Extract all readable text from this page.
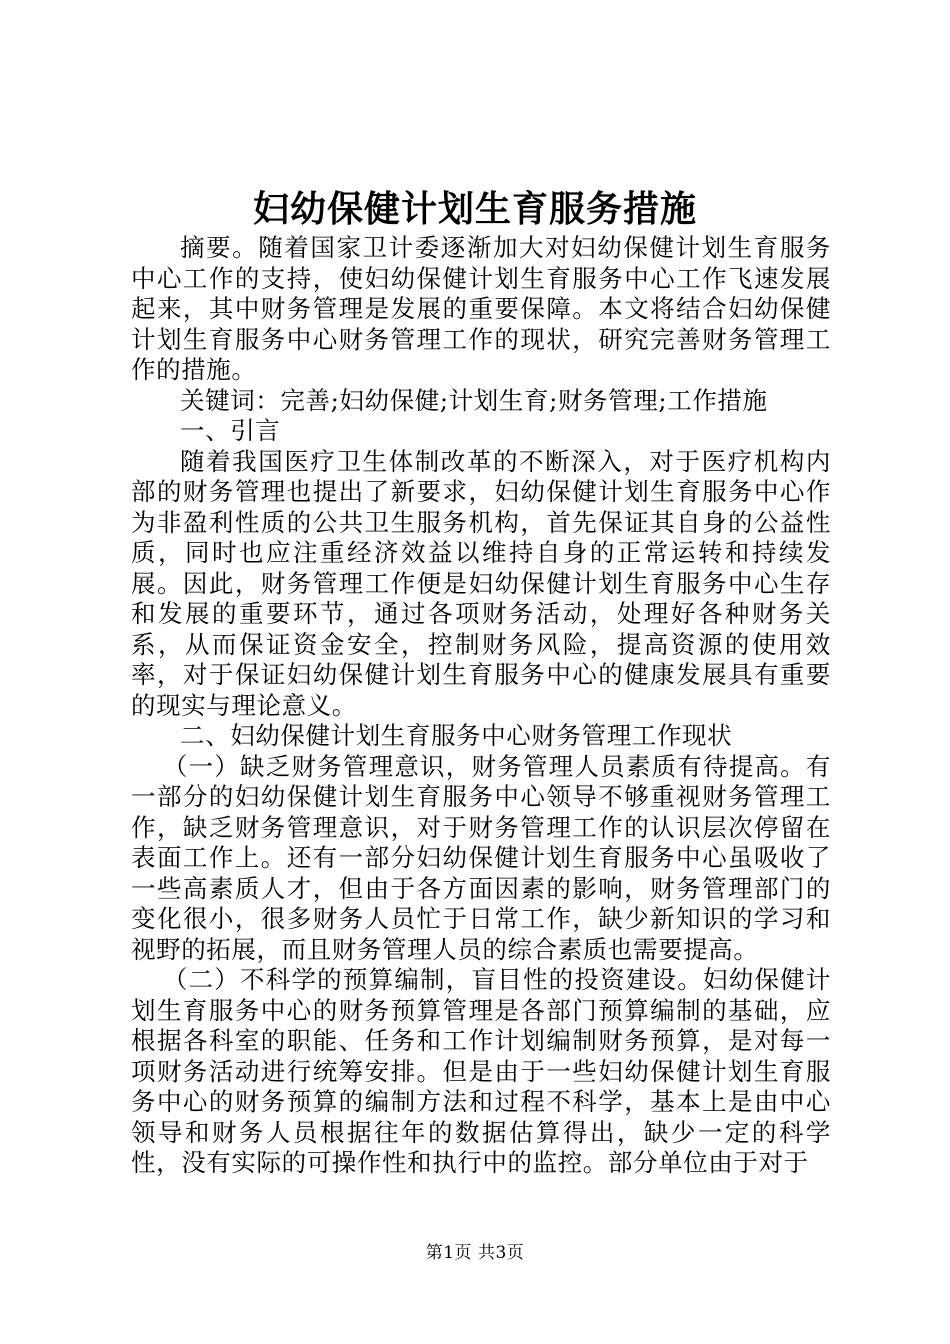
妇幼保健计划生育服务措施

摘要。随着国家卫计委逐渐加大对妇幼保健计划生育服务中心工作的支持，使妇幼保健计划生育服务中心工作飞速发展起来，其中财务管理是发展的重要保障。本文将结合妇幼保健计划生育服务中心财务管理工作的现状，研究完善财务管理工作的措施。

关键词：完善;妇幼保健;计划生育;财务管理;工作措施

一、引言

随着我国医疗卫生体制改革的不断深入，对于医疗机构内部的财务管理也提出了新要求，妇幼保健计划生育服务中心作为非盈利性质的公共卫生服务机构，首先保证其自身的公益性质，同时也应注重经济效益以维持自身的正常运转和持续发展。因此，财务管理工作便是妇幼保健计划生育服务中心生存和发展的重要环节，通过各项财务活动，处理好各种财务关系，从而保证资金安全，控制财务风险，提高资源的使用效率，对于保证妇幼保健计划生育服务中心的健康发展具有重要的现实与理论意义。

二、妇幼保健计划生育服务中心财务管理工作现状

（一）缺乏财务管理意识，财务管理人员素质有待提高。有一部分的妇幼保健计划生育服务中心领导不够重视财务管理工作，缺乏财务管理意识，对于财务管理工作的认识层次停留在表面工作上。还有一部分妇幼保健计划生育服务中心虽吸收了一些高素质人才，但由于各方面因素的影响，财务管理部门的变化很小，很多财务人员忙于日常工作，缺少新知识的学习和视野的拓展，而且财务管理人员的综合素质也需要提高。

（二）不科学的预算编制，盲目性的投资建设。妇幼保健计划生育服务中心的财务预算管理是各部门预算编制的基础，应根据各科室的职能、任务和工作计划编制财务预算，是对每一项财务活动进行统筹安排。但是由于一些妇幼保健计划生育服务中心的财务预算的编制方法和过程不科学，基本上是由中心领导和财务人员根据往年的数据估算得出，缺少一定的科学性，没有实际的可操作性和执行中的监控。部分单位由于对于

第1页 共3页
